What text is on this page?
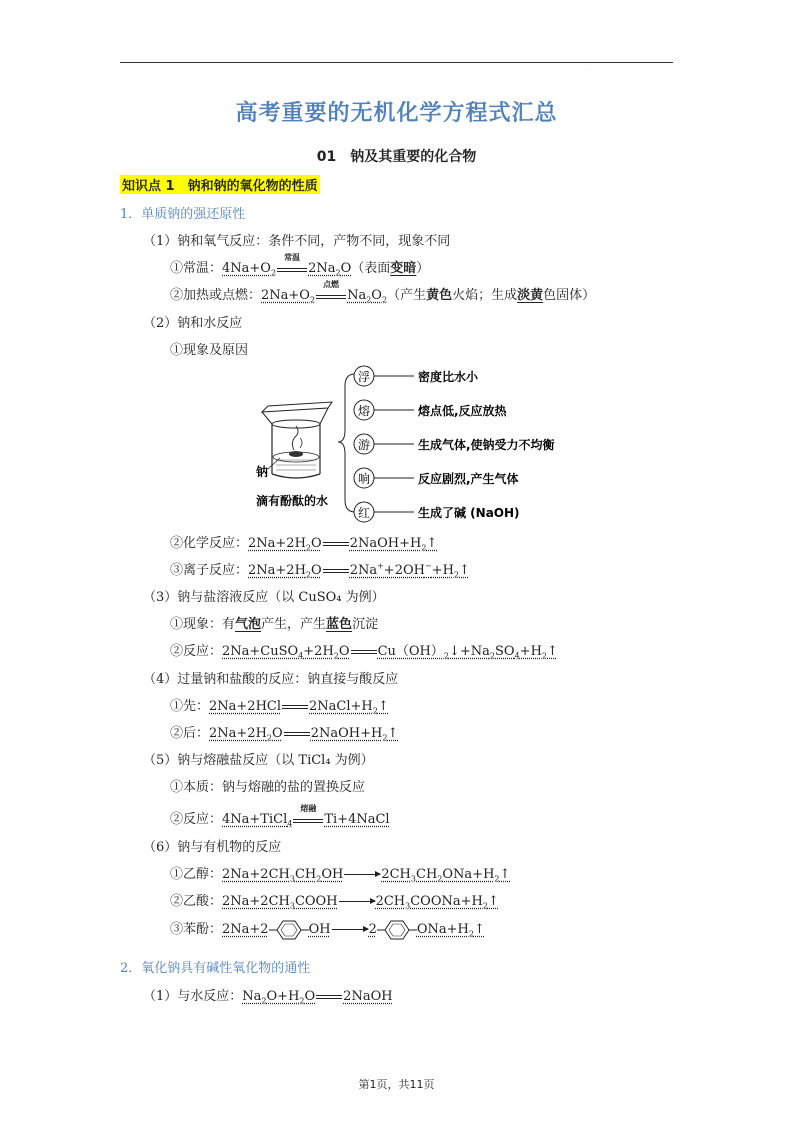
.
高考重要的无机化学方程式汇总
01　钠及其重要的化合物
知识点 1　钠和钠的氧化物的性质
1．单质钠的强还原性
（1）钠和氧气反应：条件不同，产物不同，现象不同
①常温：$4Na+O_2$
常温
$2Na_2O$（表面变暗）
②加热或点燃：$2Na+O_2$
点燃
$Na_2O_2$（产生黄色火焰；生成淡黄色固体）
（2）钠和水反应
①现象及原因
钠
滴有酚酞的水
浮	密度比水小
熔	熔点低,反应放热
游	生成气体,使钠受力不均衡
响	反应剧烈,产生气体
红	生成了碱 (NaOH)
②化学反应：$2Na+2H_2O$ $2NaOH+H_2↑$
③离子反应：$2Na+2H_2O$ $2Na^++2OH^-+H_2↑$
（3）钠与盐溶液反应（以 CuSO₄ 为例）
①现象：有气泡产生，产生蓝色沉淀
②反应：$2Na+CuSO_4+2H_2O$ $Cu(OH)_2↓+Na_2SO_4+H_2↑$
（4）过量钠和盐酸的反应：钠直接与酸反应
①先：2Na+2HCl $2NaCl+H_2↑$
②后：$2Na+2H_2O$ $2NaOH+H_2↑$
（5）钠与熔融盐反应（以 TiCl₄ 为例）
①本质：钠与熔融的盐的置换反应
②反应：4Na+TiCl$_4$
熔融
Ti+4NaCl
（6）钠与有机物的反应
①乙醇：$2Na+2CH_3CH_2OH$	$2CH_3CH_2ONa+H_2↑$
②乙酸：$2Na+2CH_3COOH$	$2CH_3COONa+H_2↑$
③苯酚：2Na+2	OH	2	$ONa+H_2↑$
2．氧化钠具有碱性氧化物的通性
（1）与水反应：$Na_2O+H_2O$ 2NaOH
第1页，共11页
